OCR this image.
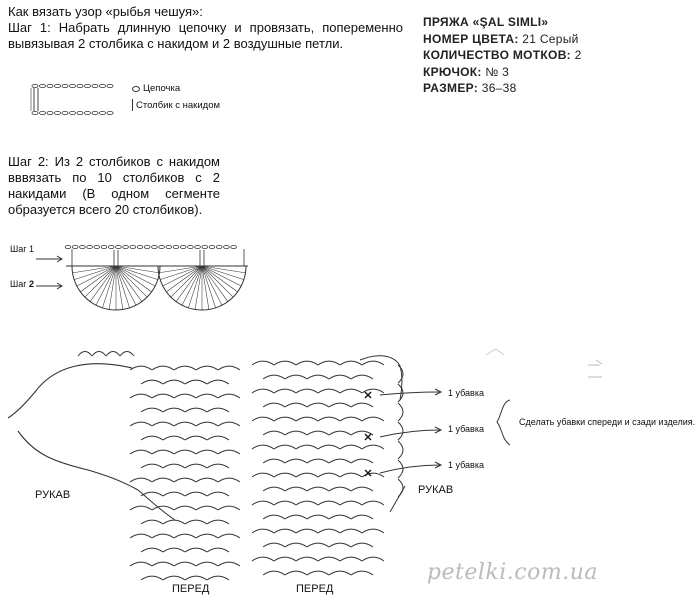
Как вязать узор «рыбья чешуя»:

Шаг 1: Набрать длинную цепочку и провязать, попеременно вывязывая 2 столбика с накидом и 2 воздушные петли.

Цепочка
Столбик с накидом
ПРЯЖА «ŞAL SIMLI»
НОМЕР ЦВЕТА: 21 Серый
КОЛИЧЕСТВО МОТКОВ: 2
КРЮЧОК: № 3
РАЗМЕР: 36–38

Шаг 2: Из 2 столбиков с накидом вввязать по 10 столбиков с 2 накидами (В одном сегменте образуется всего 20 столбиков).

Шаг 1
Шаг 2
РУКАВ	РУКАВ
ПЕРЕД	ПЕРЕД
1 убавка
1 убавка
1 убавка
Сделать убавки спереди и сзади изделия.
petelki.com.ua
